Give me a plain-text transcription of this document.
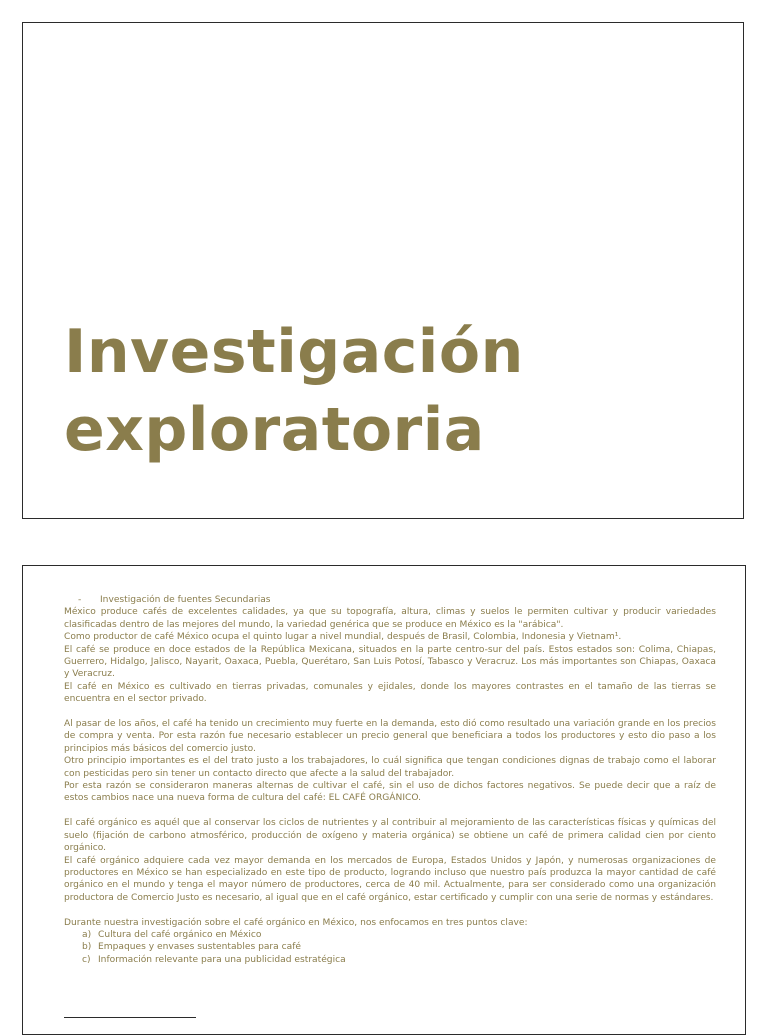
Investigación
exploratoria

- Investigación de fuentes Secundarias

México produce cafés de excelentes calidades, ya que su topografía, altura, climas y suelos le permiten cultivar y producir variedades clasificadas dentro de las mejores del mundo, la variedad genérica que se produce en México es la "arábica".

Como productor de café México ocupa el quinto lugar a nivel mundial, después de Brasil, Colombia, Indonesia y Vietnam¹.

El café se produce en doce estados de la República Mexicana, situados en la parte centro-sur del país. Estos estados son: Colima, Chiapas, Guerrero, Hidalgo, Jalisco, Nayarit, Oaxaca, Puebla, Querétaro, San Luis Potosí, Tabasco y Veracruz. Los más importantes son Chiapas, Oaxaca y Veracruz.

El café en México es cultivado en tierras privadas, comunales y ejidales, donde los mayores contrastes en el tamaño de las tierras se encuentra en el sector privado.

Al pasar de los años, el café ha tenido un crecimiento muy fuerte en la demanda, esto dió como resultado una variación grande en los precios de compra y venta. Por esta razón fue necesario establecer un precio general que beneficiara a todos los productores y esto dio paso a los principios más básicos del comercio justo.

Otro principio importantes es el del trato justo a los trabajadores, lo cuál significa que tengan condiciones dignas de trabajo como el laborar con pesticidas pero sin tener un contacto directo que afecte a la salud del trabajador.

Por esta razón se consideraron maneras alternas de cultivar el café, sin el uso de dichos factores negativos. Se puede decir que a raíz de estos cambios nace una nueva forma de cultura del café: EL CAFÉ ORGÁNICO.

El café orgánico es aquél que al conservar los ciclos de nutrientes y al contribuir al mejoramiento de las características físicas y químicas del suelo (fijación de carbono atmosférico, producción de oxígeno y materia orgánica) se obtiene un café de primera calidad cien por ciento orgánico.

El café orgánico adquiere cada vez mayor demanda en los mercados de Europa, Estados Unidos y Japón, y numerosas organizaciones de productores en México se han especializado en este tipo de producto, logrando incluso que nuestro país produzca la mayor cantidad de café orgánico en el mundo y tenga el mayor número de productores, cerca de 40 mil. Actualmente, para ser considerado como una organización productora de Comercio Justo es necesario, al igual que en el café orgánico, estar certificado y cumplir con una serie de normas y estándares.

Durante nuestra investigación sobre el café orgánico en México, nos enfocamos en tres puntos clave:

a) Cultura del café orgánico en México
b) Empaques y envases sustentables para café
c) Información relevante para una publicidad estratégica
